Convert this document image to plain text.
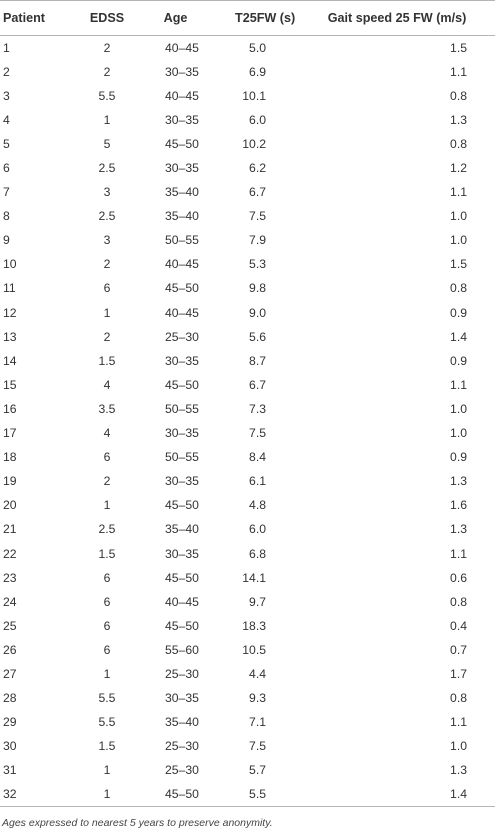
Patient	EDSS	Age	T25FW (s)	Gait speed 25 FW (m/s)
1	2	40–45	5.0	1.5
2	2	30–35	6.9	1.1
3	5.5	40–45	10.1	0.8
4	1	30–35	6.0	1.3
5	5	45–50	10.2	0.8
6	2.5	30–35	6.2	1.2
7	3	35–40	6.7	1.1
8	2.5	35–40	7.5	1.0
9	3	50–55	7.9	1.0
10	2	40–45	5.3	1.5
11	6	45–50	9.8	0.8
12	1	40–45	9.0	0.9
13	2	25–30	5.6	1.4
14	1.5	30–35	8.7	0.9
15	4	45–50	6.7	1.1
16	3.5	50–55	7.3	1.0
17	4	30–35	7.5	1.0
18	6	50–55	8.4	0.9
19	2	30–35	6.1	1.3
20	1	45–50	4.8	1.6
21	2.5	35–40	6.0	1.3
22	1.5	30–35	6.8	1.1
23	6	45–50	14.1	0.6
24	6	40–45	9.7	0.8
25	6	45–50	18.3	0.4
26	6	55–60	10.5	0.7
27	1	25–30	4.4	1.7
28	5.5	30–35	9.3	0.8
29	5.5	35–40	7.1	1.1
30	1.5	25–30	7.5	1.0
31	1	25–30	5.7	1.3
32	1	45–50	5.5	1.4
Ages expressed to nearest 5 years to preserve anonymity.
